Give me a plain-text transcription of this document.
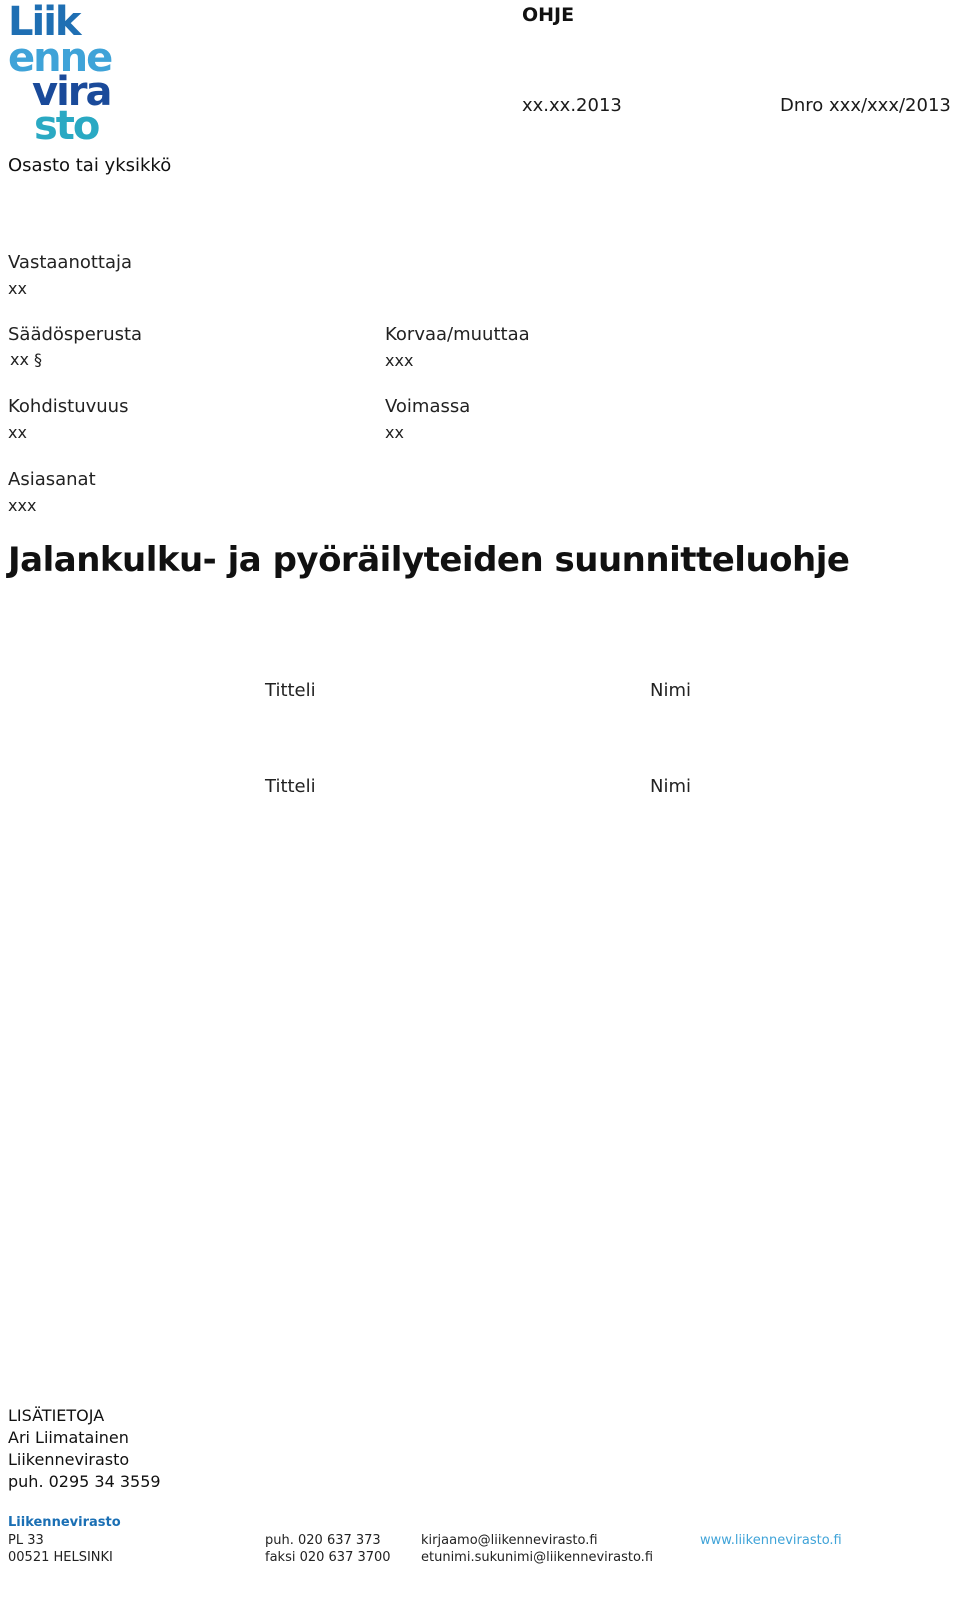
Liik
enne
vira
sto
OHJE
xx.xx.2013	Dnro xxx/xxx/2013
Osasto tai yksikkö
Vastaanottaja
xx
Säädösperusta
xx §
Korvaa/muuttaa
xxx
Kohdistuvuus
xx
Voimassa
xx
Asiasanat
xxx
Jalankulku- ja pyöräilyteiden suunnitteluohje
Titteli	Nimi
Titteli	Nimi
LISÄTIETOJA
Ari Liimatainen
Liikennevirasto
puh. 0295 34 3559
Liikennevirasto
PL 33
00521 HELSINKI
puh. 020 637 373
faksi 020 637 3700
kirjaamo@liikennevirasto.fi
etunimi.sukunimi@liikennevirasto.fi
www.liikennevirasto.fi
